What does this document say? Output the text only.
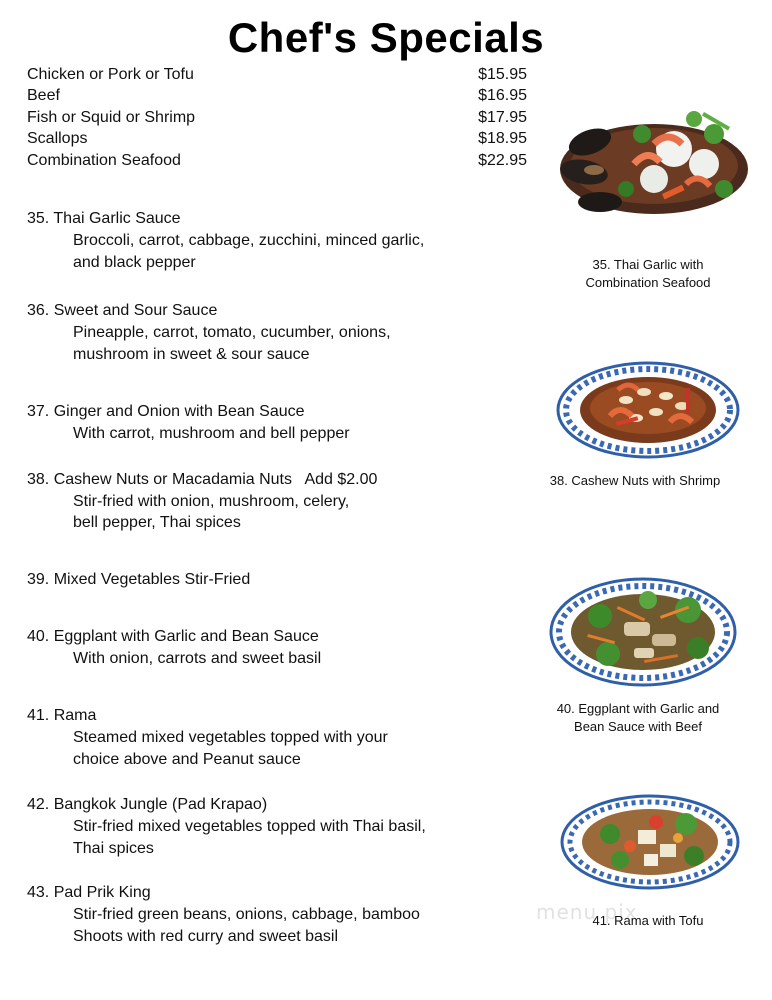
Chef's Specials
Chicken or Pork or Tofu	$15.95
Beef	$16.95
Fish or Squid or Shrimp	$17.95
Scallops	$18.95
Combination Seafood	$22.95
35. Thai Garlic Sauce
Broccoli, carrot, cabbage, zucchini, minced garlic,
and black pepper
36. Sweet and Sour Sauce
Pineapple, carrot, tomato, cucumber, onions,
mushroom in sweet & sour sauce
37. Ginger and Onion with Bean Sauce
With carrot, mushroom and bell pepper
38. Cashew Nuts or Macadamia Nuts   Add $2.00
Stir-fried with onion, mushroom, celery,
bell pepper, Thai spices
39. Mixed Vegetables Stir-Fried
40. Eggplant with Garlic and Bean Sauce
With onion, carrots and sweet basil
41. Rama
Steamed mixed vegetables topped with your
choice above and Peanut sauce
42. Bangkok Jungle (Pad Krapao)
Stir-fried mixed vegetables topped with Thai basil,
Thai spices
43. Pad Prik King
Stir-fried green beans, onions, cabbage, bamboo
Shoots with red curry and sweet basil
35. Thai Garlic with
Combination Seafood
38. Cashew Nuts with Shrimp
40. Eggplant with Garlic and
Bean Sauce with Beef
menu pix
41. Rama with Tofu
